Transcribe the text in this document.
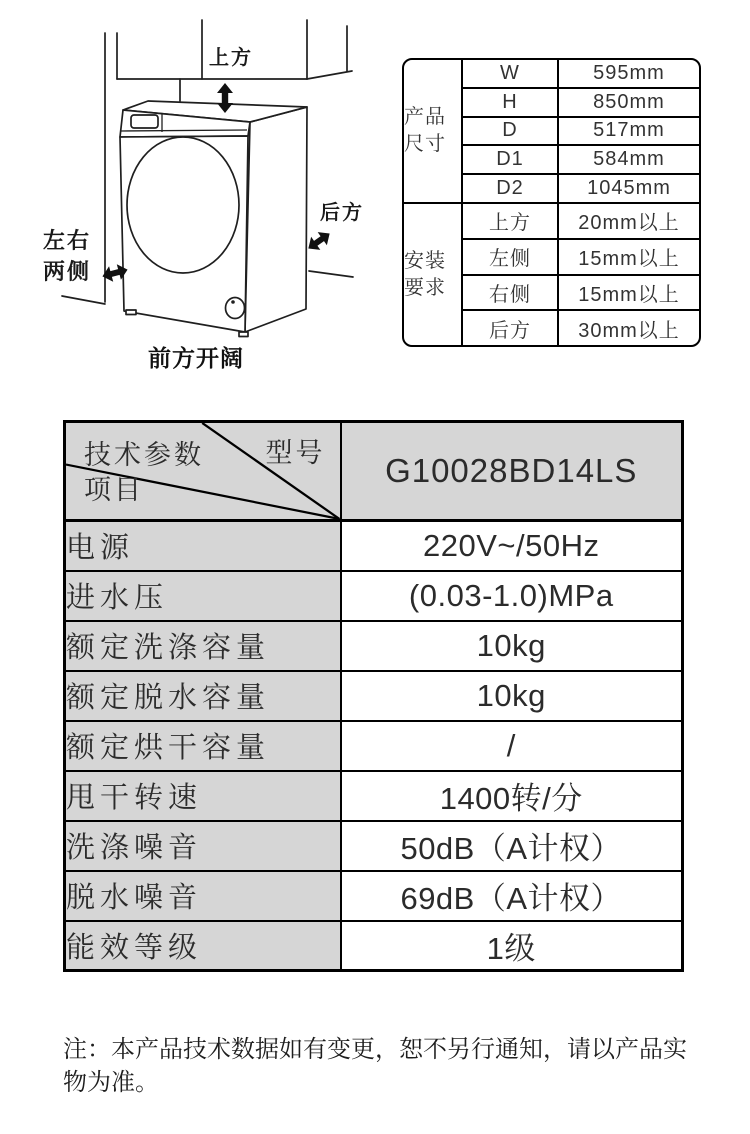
上方
后方
左右
两侧
前方开阔
产品
尺寸	W	595mm
	H	850mm
	D	517mm
	D1	584mm
	D2	1045mm

安装
要求	上方	20mm以上
	左侧	15mm以上
	右侧	15mm以上
	后方	30mm以上
技术参数 型号
项目	G10028BD14LS
电源	220V~/50Hz
进水压	(0.03-1.0)MPa
额定洗涤容量	10kg
额定脱水容量	10kg
额定烘干容量	/
甩干转速	1400转/分
洗涤噪音	50dB（A计权）
脱水噪音	69dB（A计权）
能效等级	1级
注：本产品技术数据如有变更，恕不另行通知，请以产品实物为准。
